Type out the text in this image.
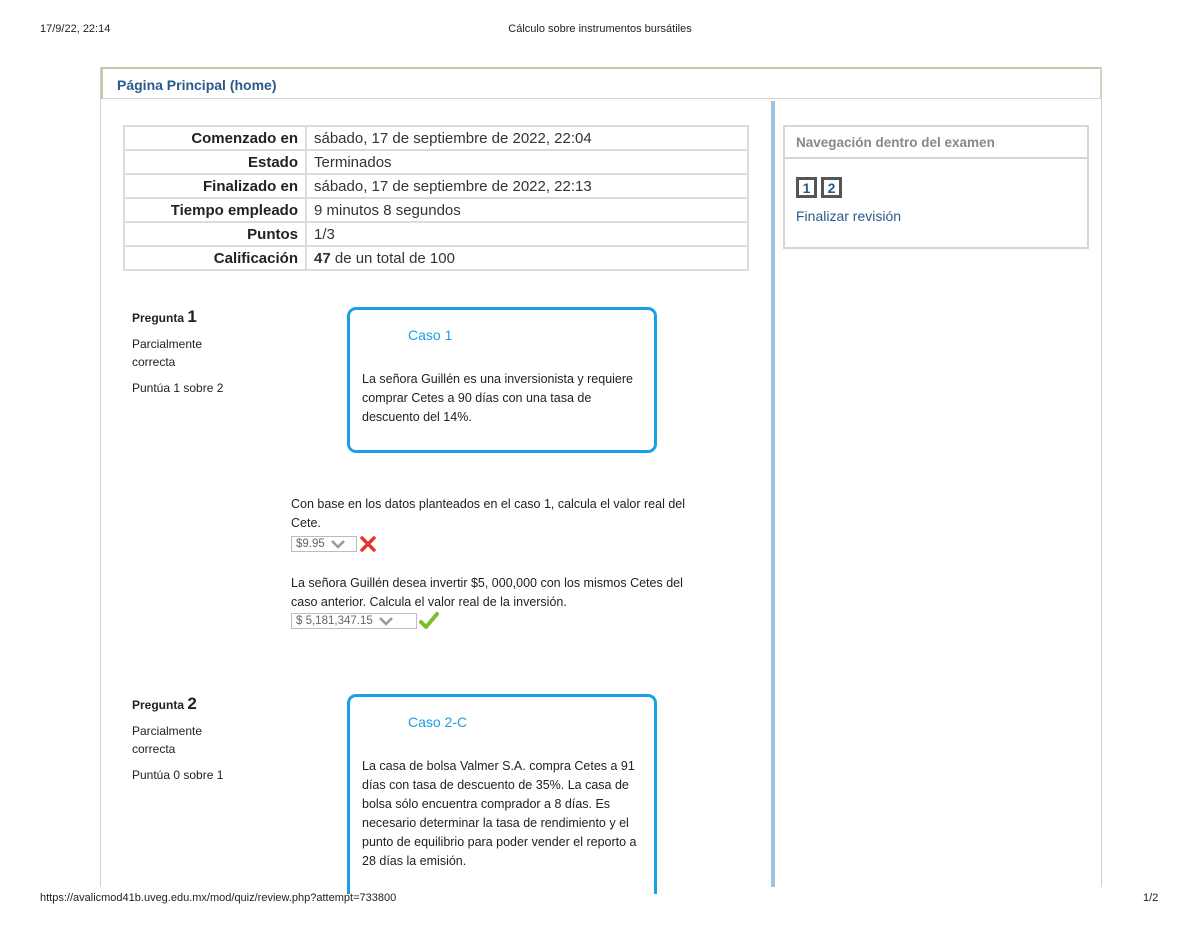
17/9/22, 22:14	Cálculo sobre instrumentos bursátiles
Página Principal (home)
Comenzado en	sábado, 17 de septiembre de 2022, 22:04
Estado	Terminados
Finalizado en	sábado, 17 de septiembre de 2022, 22:13
Tiempo empleado	9 minutos 8 segundos
Puntos	1/3
Calificación	47 de un total de 100
Pregunta 1
Parcialmente correcta
Puntúa 1 sobre 2
Caso 1
La señora Guillén es una inversionista y requiere comprar Cetes a 90 días con una tasa de descuento del 14%.
Con base en los datos planteados en el caso 1, calcula el valor real del Cete.
$9.95
La señora Guillén desea invertir $5, 000,000 con los mismos Cetes del caso anterior. Calcula el valor real de la inversión.
$ 5,181,347.15
Pregunta 2
Parcialmente correcta
Puntúa 0 sobre 1
Caso 2-C
La casa de bolsa Valmer S.A. compra Cetes a 91 días con tasa de descuento de 35%. La casa de bolsa sólo encuentra comprador a 8 días. Es necesario determinar la tasa de rendimiento y el punto de equilibrio para poder vender el reporto a 28 días la emisión.
Navegación dentro del examen
1	2
Finalizar revisión
https://avalicmod41b.uveg.edu.mx/mod/quiz/review.php?attempt=733800	1/2
